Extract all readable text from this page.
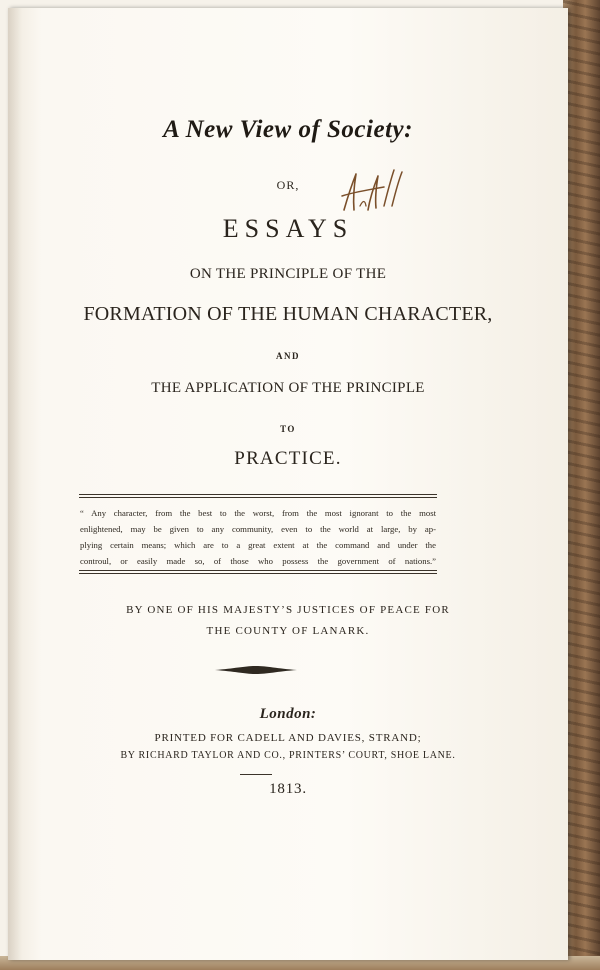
A New View of Society:
OR,
ESSAYS
ON THE PRINCIPLE OF THE
FORMATION OF THE HUMAN CHARACTER,
AND
THE APPLICATION OF THE PRINCIPLE
TO
PRACTICE.
“ Any character, from the best to the worst, from the most ignorant to the most
enlightened, may be given to any community, even to the world at large, by ap-
plying certain means; which are to a great extent at the command and under the
controul, or easily made so, of those who possess the government of nations.”
BY ONE OF HIS MAJESTY’S JUSTICES OF PEACE FOR
THE COUNTY OF LANARK.
London:
PRINTED FOR CADELL AND DAVIES, STRAND;
BY RICHARD TAYLOR AND CO., PRINTERS’ COURT, SHOE LANE.
1813.
